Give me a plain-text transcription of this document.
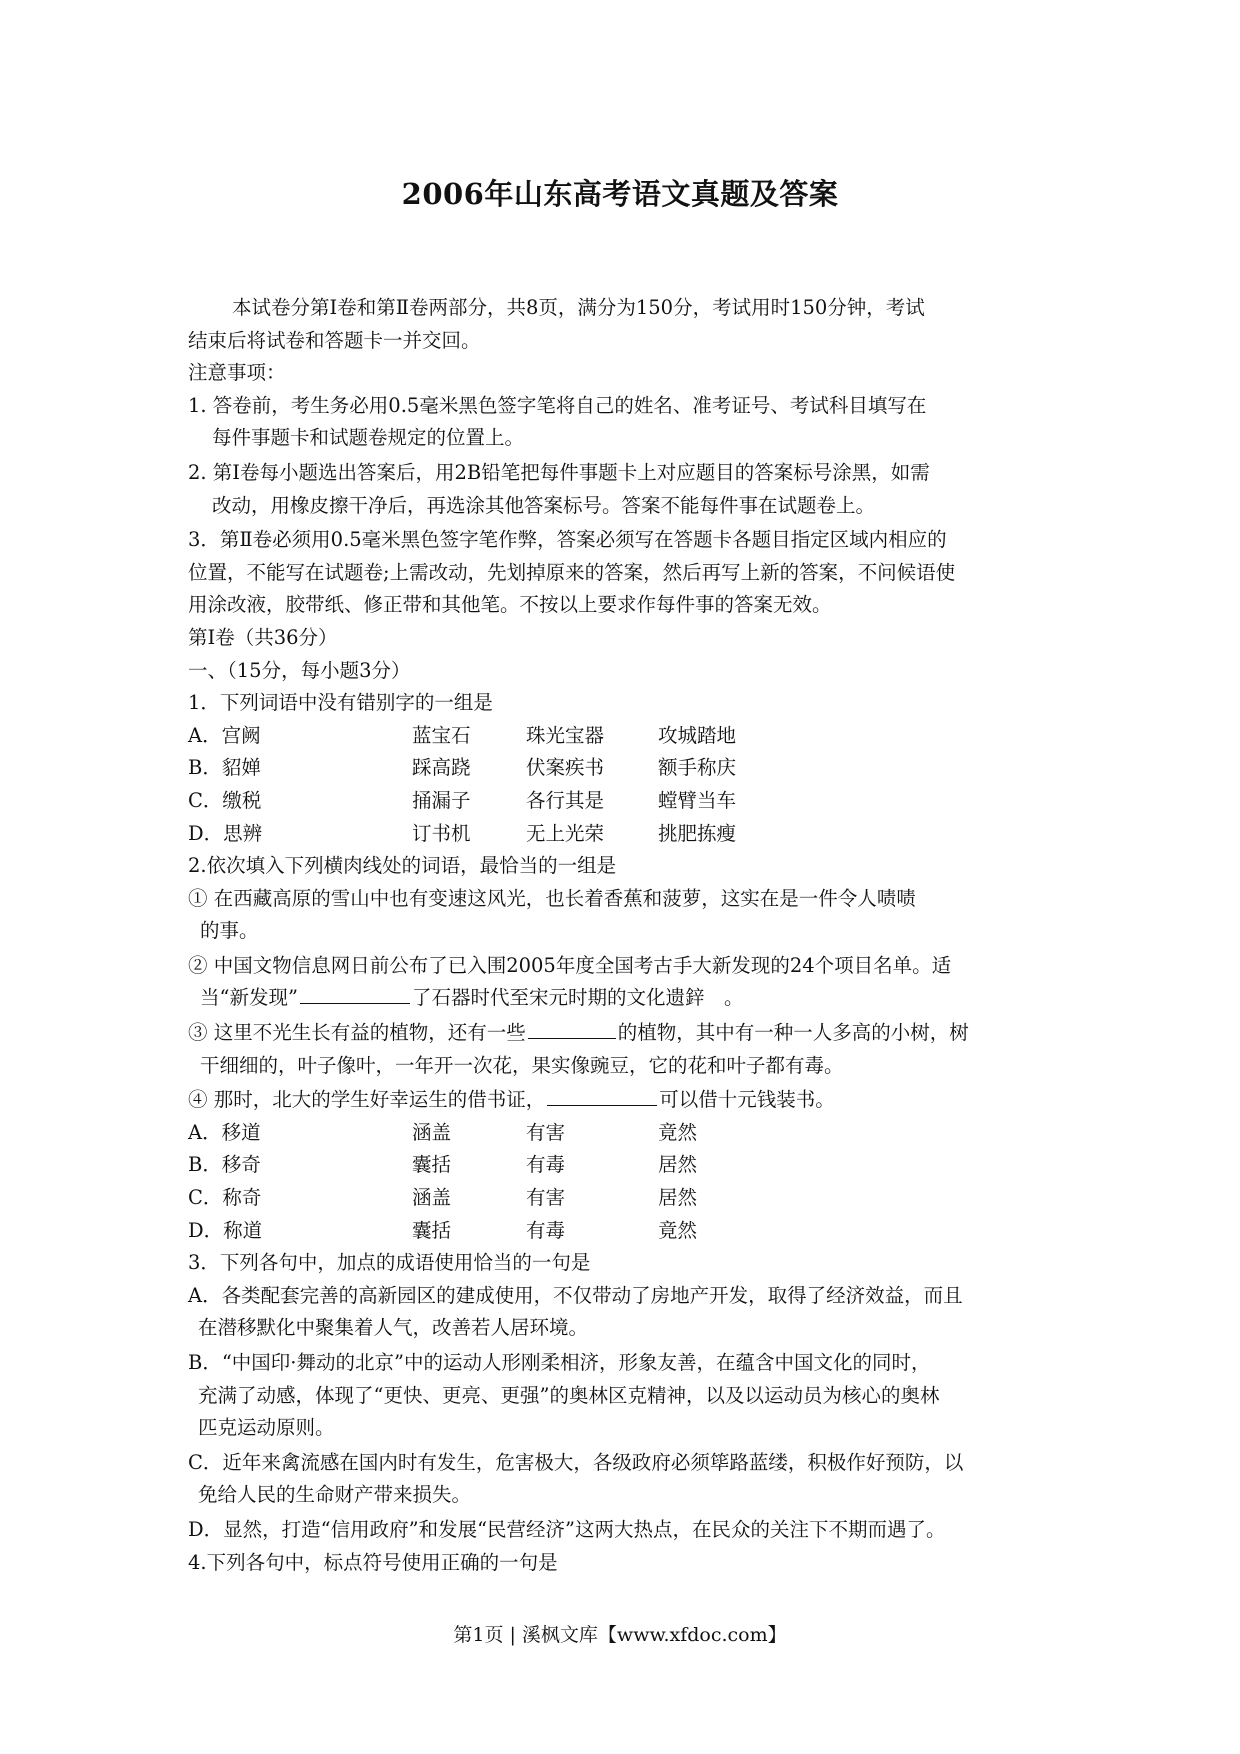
2006年山东高考语文真题及答案
本试卷分第Ⅰ卷和第Ⅱ卷两部分，共8页，满分为150分，考试用时150分钟，考试
结束后将试卷和答题卡一并交回。
注意事项：
1. 答卷前，考生务必用0.5毫米黑色签字笔将自己的姓名、准考证号、考试科目填写在
每件事题卡和试题卷规定的位置上。
2. 第Ⅰ卷每小题选出答案后，用2B铅笔把每件事题卡上对应题目的答案标号涂黑，如需
改动，用橡皮擦干净后，再选涂其他答案标号。答案不能每件事在试题卷上。
3．第Ⅱ卷必须用0.5毫米黑色签字笔作弊，答案必须写在答题卡各题目指定区域内相应的
位置，不能写在试题卷;上需改动，先划掉原来的答案，然后再写上新的答案，不问候语使
用涂改液，胶带纸、修正带和其他笔。不按以上要求作每件事的答案无效。
第Ⅰ卷（共36分）
一、（15分，每小题3分）
1．下列词语中没有错别字的一组是
A．宫阙	蓝宝石	珠光宝器	攻城踏地
B．貂婵	踩高跷	伏案疾书	额手称庆
C．缴税	捅漏子	各行其是	螳臂当车
D．思辨	订书机	无上光荣	挑肥拣瘦
2.依次填入下列横肉线处的词语，最恰当的一组是
① 在西藏高原的雪山中也有变速这风光，也长着香蕉和菠萝，这实在是一件令人啧啧
的事。
② 中国文物信息网日前公布了已入围2005年度全国考古手大新发现的24个项目名单。适
当“新发现”	了石器时代至宋元时期的文化遗鋅　。
③ 这里不光生长有益的植物，还有一些	的植物，其中有一种一人多高的小树，树
干细细的，叶子像叶，一年开一次花，果实像豌豆，它的花和叶子都有毒。
④ 那时，北大的学生好幸运生的借书证，	可以借十元钱装书。
A．移道	涵盖	有害	竟然
B．移奇	囊括	有毒	居然
C．称奇	涵盖	有害	居然
D．称道	囊括	有毒	竟然
3．下列各句中，加点的成语使用恰当的一句是
A．各类配套完善的高新园区的建成使用，不仅带动了房地产开发，取得了经济效益，而且
在潜移默化中聚集着人气，改善若人居环境。
B．“中国印·舞动的北京”中的运动人形刚柔相济，形象友善，在蕴含中国文化的同时，
充满了动感，体现了“更快、更亮、更强”的奥林区克精神，以及以运动员为核心的奥林
匹克运动原则。
C．近年来禽流感在国内时有发生，危害极大，各级政府必须筚路蓝缕，积极作好预防，以
免给人民的生命财产带来损失。
D．显然，打造“信用政府”和发展“民营经济”这两大热点，在民众的关注下不期而遇了。
4.下列各句中，标点符号使用正确的一句是
第1页 | 溪枫文库【www.xfdoc.com】
